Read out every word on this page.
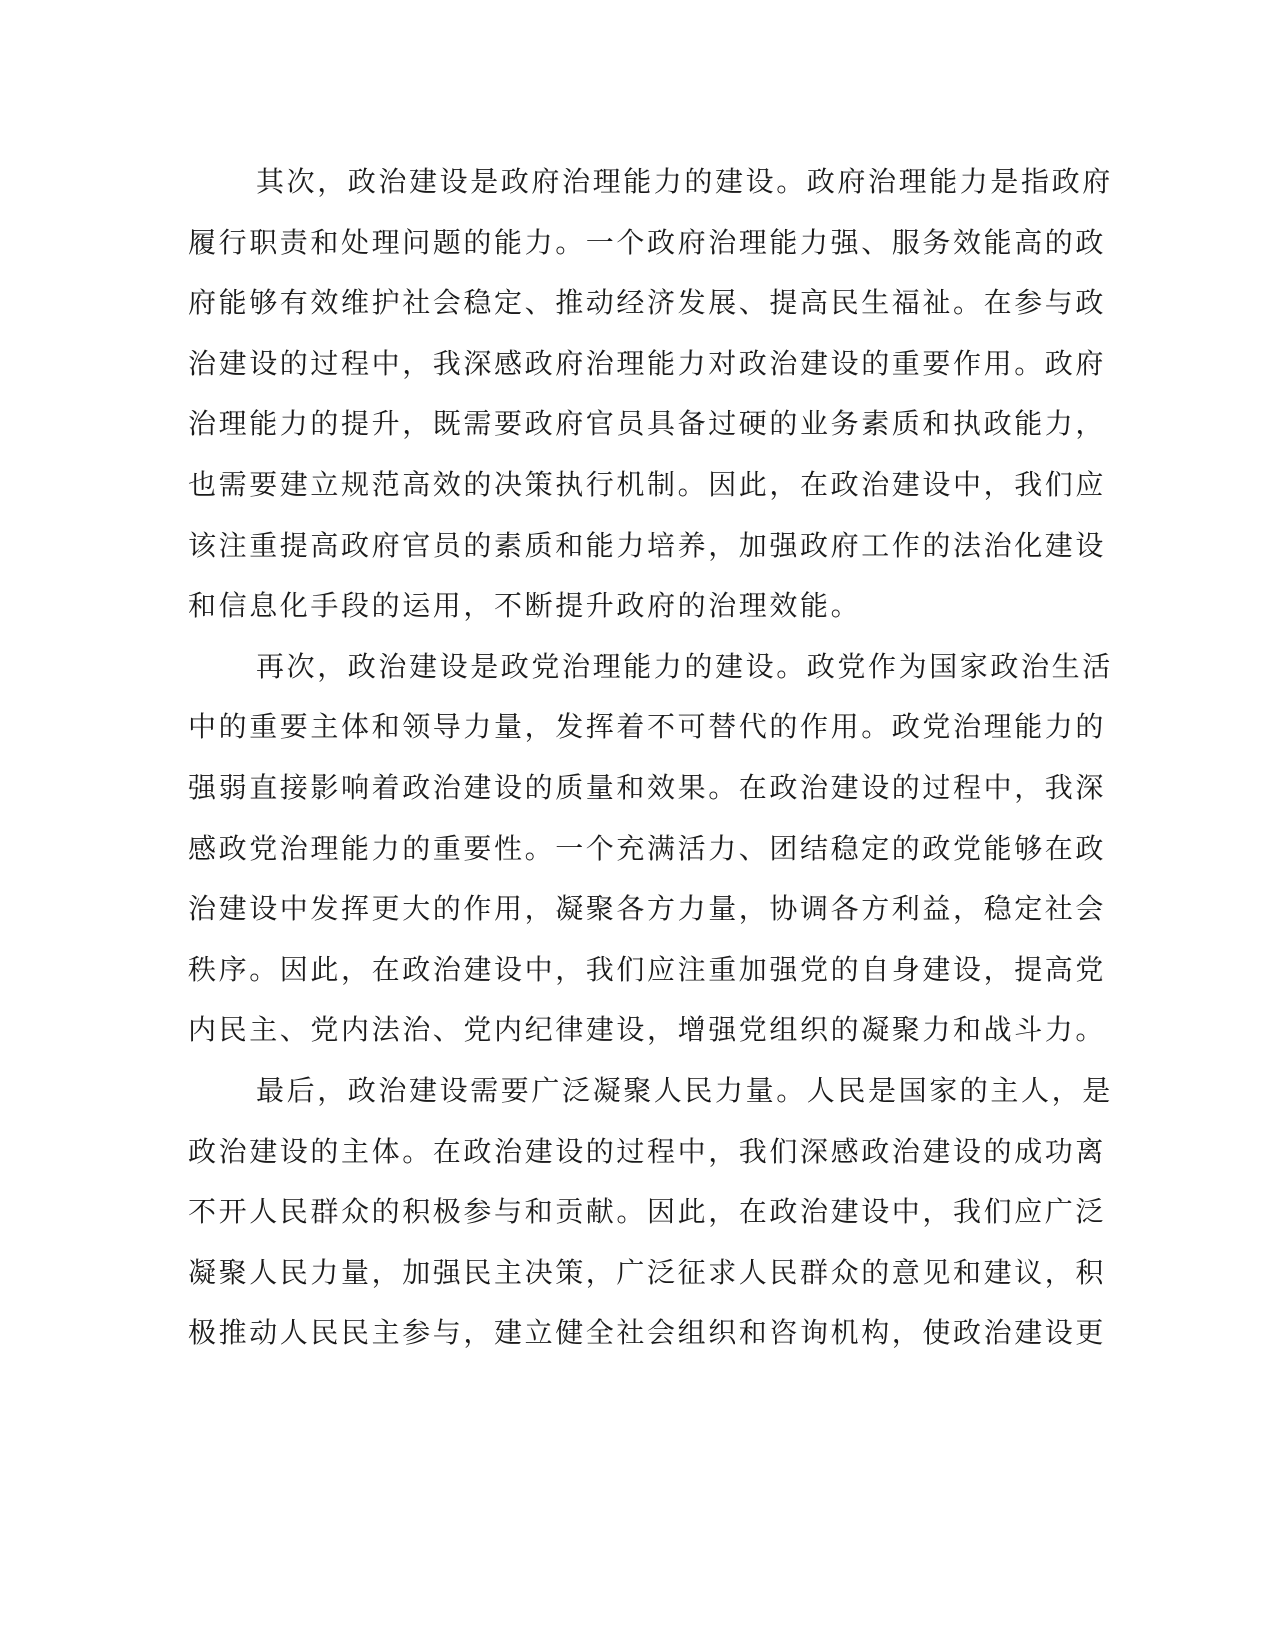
其次，政治建设是政府治理能力的建设。政府治理能力是指政府
履行职责和处理问题的能力。一个政府治理能力强、服务效能高的政
府能够有效维护社会稳定、推动经济发展、提高民生福祉。在参与政
治建设的过程中，我深感政府治理能力对政治建设的重要作用。政府
治理能力的提升，既需要政府官员具备过硬的业务素质和执政能力，
也需要建立规范高效的决策执行机制。因此，在政治建设中，我们应
该注重提高政府官员的素质和能力培养，加强政府工作的法治化建设
和信息化手段的运用，不断提升政府的治理效能。
再次，政治建设是政党治理能力的建设。政党作为国家政治生活
中的重要主体和领导力量，发挥着不可替代的作用。政党治理能力的
强弱直接影响着政治建设的质量和效果。在政治建设的过程中，我深
感政党治理能力的重要性。一个充满活力、团结稳定的政党能够在政
治建设中发挥更大的作用，凝聚各方力量，协调各方利益，稳定社会
秩序。因此，在政治建设中，我们应注重加强党的自身建设，提高党
内民主、党内法治、党内纪律建设，增强党组织的凝聚力和战斗力。
最后，政治建设需要广泛凝聚人民力量。人民是国家的主人，是
政治建设的主体。在政治建设的过程中，我们深感政治建设的成功离
不开人民群众的积极参与和贡献。因此，在政治建设中，我们应广泛
凝聚人民力量，加强民主决策，广泛征求人民群众的意见和建议，积
极推动人民民主参与，建立健全社会组织和咨询机构，使政治建设更
